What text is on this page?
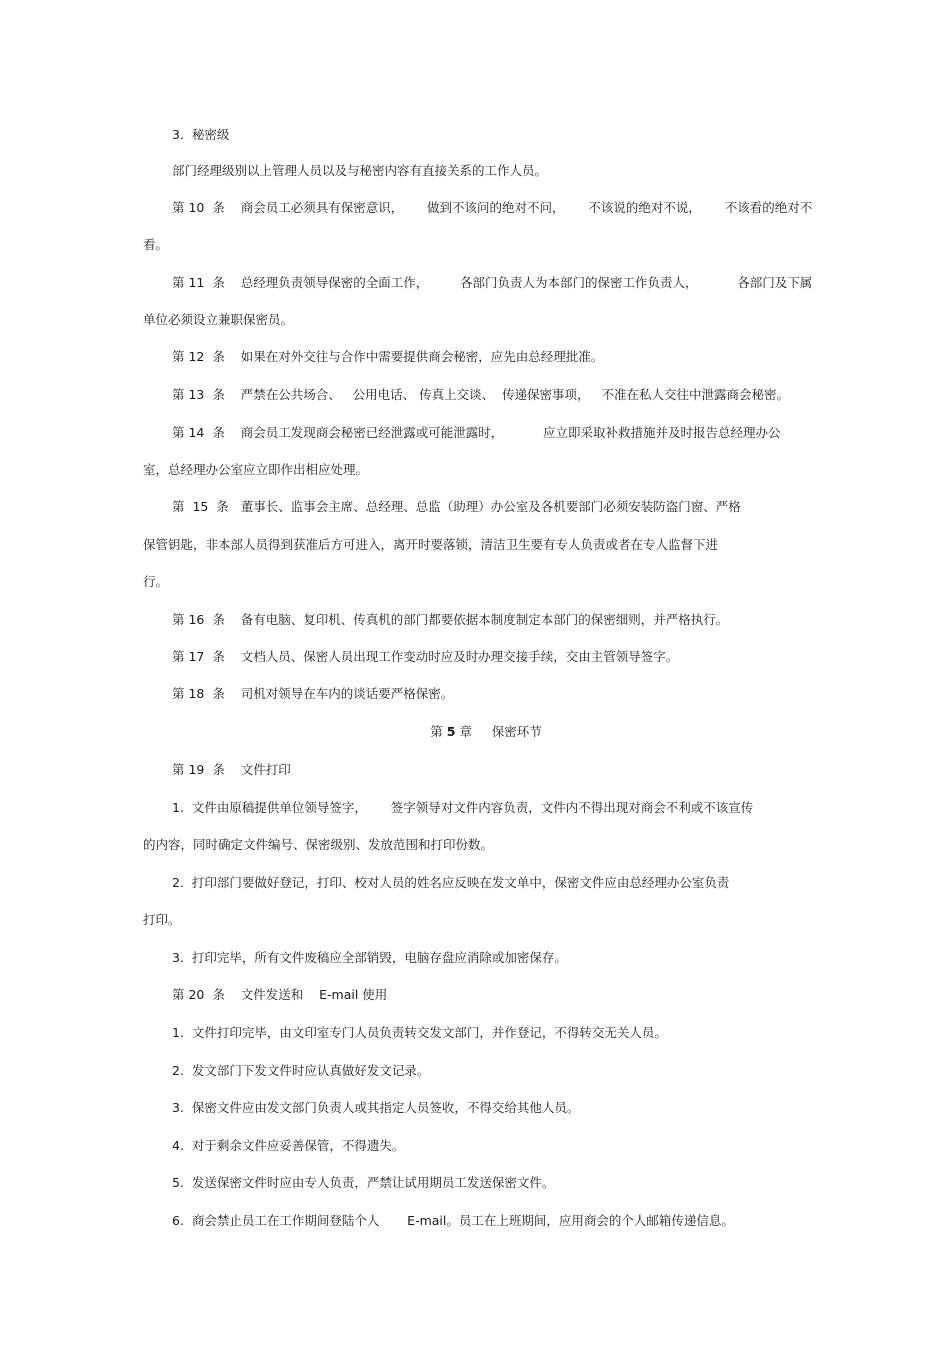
3.  秘密级
部门经理级别以上管理人员以及与秘密内容有直接关系的工作人员。
第 10  条    商会员工必须具有保密意识，      做到不该问的绝对不问，      不该说的绝对不说，      不该看的绝对不
看。
第 11  条    总经理负责领导保密的全面工作，        各部门负责人为本部门的保密工作负责人，          各部门及下属
单位必须设立兼职保密员。
第 12  条    如果在对外交往与合作中需要提供商会秘密，应先由总经理批准。
第 13  条    严禁在公共场合、   公用电话、 传真上交谈、  传递保密事项，   不准在私人交往中泄露商会秘密。
第 14  条    商会员工发现商会秘密已经泄露或可能泄露时，          应立即采取补救措施并及时报告总经理办公
室，总经理办公室应立即作出相应处理。
第  15  条   董事长、监事会主席、总经理、总监（助理）办公室及各机要部门必须安装防盗门窗、严格
保管钥匙，非本部人员得到获准后方可进入，离开时要落锁，清洁卫生要有专人负责或者在专人监督下进
行。
第 16  条    备有电脑、复印机、传真机的部门都要依据本制度制定本部门的保密细则，并严格执行。
第 17  条    文档人员、保密人员出现工作变动时应及时办理交接手续，交由主管领导签字。
第 18  条    司机对领导在车内的谈话要严格保密。
第 5 章     保密环节
第 19  条    文件打印
1.  文件由原稿提供单位领导签字，      签字领导对文件内容负责，文件内不得出现对商会不利或不该宣传
的内容，同时确定文件编号、保密级别、发放范围和打印份数。
2.  打印部门要做好登记，打印、校对人员的姓名应反映在发文单中，保密文件应由总经理办公室负责
打印。
3.  打印完毕，所有文件废稿应全部销毁，电脑存盘应消除或加密保存。
第 20  条    文件发送和    E-mail 使用
1.  文件打印完毕，由文印室专门人员负责转交发文部门，并作登记，不得转交无关人员。
2.  发文部门下发文件时应认真做好发文记录。
3.  保密文件应由发文部门负责人或其指定人员签收，不得交给其他人员。
4.  对于剩余文件应妥善保管，不得遗失。
5.  发送保密文件时应由专人负责，严禁让试用期员工发送保密文件。
6.  商会禁止员工在工作期间登陆个人       E-mail。员工在上班期间，应用商会的个人邮箱传递信息。
